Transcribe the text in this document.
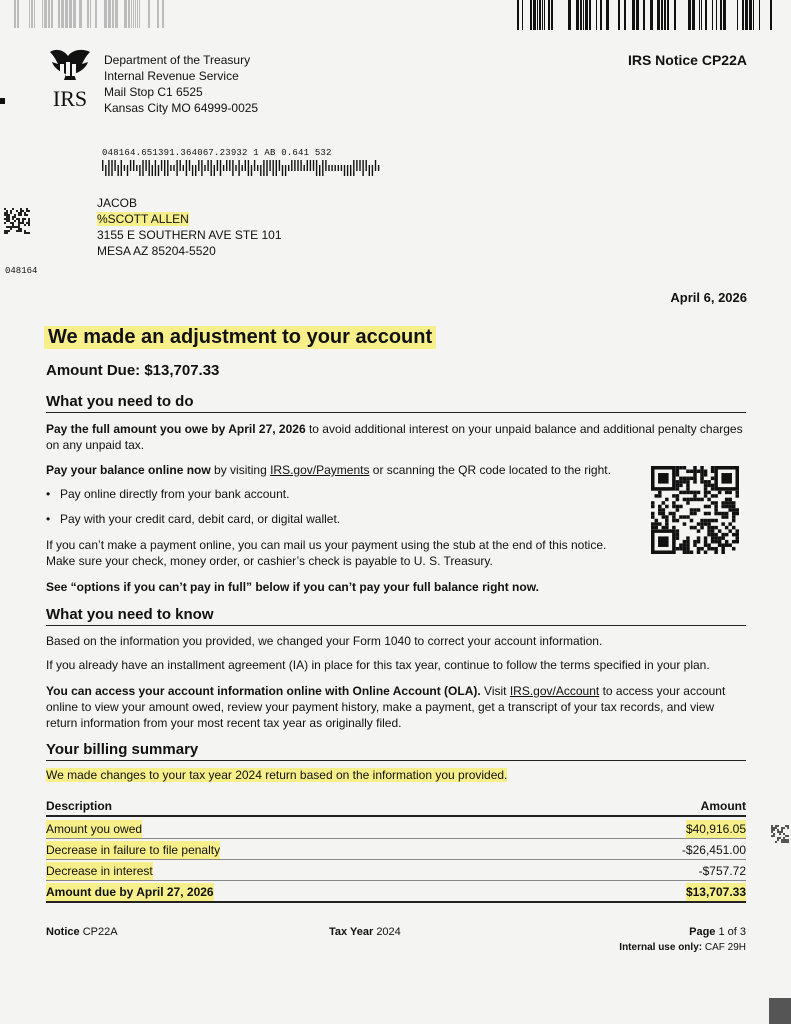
IRS
Department of the Treasury
Internal Revenue Service
Mail Stop C1 6525
Kansas City MO 64999-0025
IRS Notice CP22A
048164.651391.364067.23932 1 AB 0.641 532
JACOB
%SCOTT ALLEN
3155 E SOUTHERN AVE STE 101
MESA AZ 85204-5520
048164
April 6, 2026
We made an adjustment to your account
Amount Due: $13,707.33
What you need to do
Pay the full amount you owe by April 27, 2026 to avoid additional interest on your unpaid balance and additional penalty charges on any unpaid tax.
Pay your balance online now by visiting IRS.gov/Payments or scanning the QR code located to the right.
• Pay online directly from your bank account.
• Pay with your credit card, debit card, or digital wallet.
If you can’t make a payment online, you can mail us your payment using the stub at the end of this notice. Make sure your check, money order, or cashier’s check is payable to U. S. Treasury.
See “options if you can’t pay in full” below if you can’t pay your full balance right now.
What you need to know
Based on the information you provided, we changed your Form 1040 to correct your account information.
If you already have an installment agreement (IA) in place for this tax year, continue to follow the terms specified in your plan.
You can access your account information online with Online Account (OLA). Visit IRS.gov/Account to access your account online to view your amount owed, review your payment history, make a payment, get a transcript of your tax records, and view return information from your most recent tax year as originally filed.
Your billing summary
We made changes to your tax year 2024 return based on the information you provided.
Description	Amount
Amount you owed	$40,916.05
Decrease in failure to file penalty	-$26,451.00
Decrease in interest	-$757.72
Amount due by April 27, 2026	$13,707.33
Notice CP22A	Tax Year 2024	Page 1 of 3
Internal use only: CAF 29H
